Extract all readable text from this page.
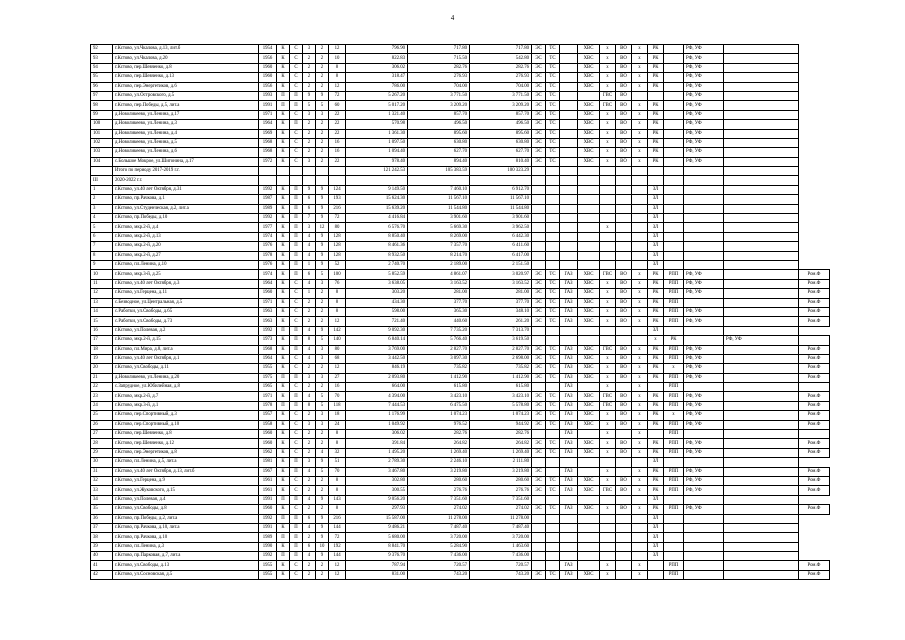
4
92	г.Кстово, ул.Чкалова, д.13, лит.б	1954	К	С	3	2	12	796.90	717.80	717.80	ЭС	ТС		ХВС	х	ВО	х	РК		РФ, УФ		
93	г.Кстово, ул.Чкалова, д.20	1956	К	С	2	2	10	822.83	715.50	542.80	ЭС	ТС		ХВС	х	ВО	х	РК		РФ, УФ		
94	г.Кстово, пер.Шевченко, д.8	1960	К	С	2	2	8	306.02	282.76	282.76	ЭС	ТС		ХВС	х	ВО	х	РК		РФ, УФ		
95	г.Кстово, пер.Шевченко, д.13	1960	К	С	2	2	8	318.47	276.93	276.93	ЭС	ТС		ХВС	х	ВО	х	РК		РФ, УФ		
96	г.Кстово, пер.Энергетиков, д.6	1956	К	С	2	2	12	786.00	704.00	704.00	ЭС	ТС		ХВС	х	ВО	х	РК		РФ, УФ		
97	г.Кстово, ул.Островского, д.5	1993	П	П	9	9	72	5 267.20	3 771.50	3 771.50	ЭС	ТС			ГВС	ВО				РФ, УФ		
98	г.Кстово, пер.Победы, д.5, лит.а	1991	П	П	5	5	60	5 017.20	3 209.20	3 209.20	ЭС	ТС		ХВС	ГВС	ВО	х	РК		РФ, УФ		
99	д.Новоликеево, ул.Ленина, д.17	1971	К	С	3	3	22	1 321.40	857.70	857.70	ЭС	ТС		ХВС	х	ВО	х	РК		РФ, УФ		
100	д.Новоликеево, ул.Ленина, д.3	1964	К	П	2	2	22	570.98	496.50	496.50	ЭС	ТС		ХВС	х	ВО	х	РК		РФ, УФ		
101	д.Новоликеево, ул.Ленина, д.4	1969	К	С	2	2	22	1 361.30	895.60	895.60	ЭС	ТС		ХВС	х	ВО	х	РК		РФ, УФ		
102	д.Новоликеево, ул.Ленина, д.5	1968	К	С	2	2	16	1 097.50	630.80	630.80	ЭС	ТС		ХВС	х	ВО	х	РК		РФ, УФ		
103	д.Новоликеево, ул.Ленина, д.6	1968	К	С	2	2	16	1 094.40	627.70	627.70	ЭС	ТС		ХВС	х	ВО	х	РК		РФ, УФ		
104	с.Большое Мокрое, ул.Шигонина, д.17	1972	К	С	3	2	22	978.40	894.40	810.40	ЭС	ТС		ХВС	х	ВО	х	РК		РФ, УФ		
	Итого по периоду 2017-2019 г.г.							121 242.53	105 383.59	100 323.29												
III	2020-2022 г.г.																					
1	г.Кстово, ул.40 лет Октября, д.31	1992	К	П	9	9	124	9 149.50	7 460.10	6 912.70								ЗЛ				
2	г.Кстово, пр.Рачкова, д.1	1987	К	П	6	9	193	15 624.30	11 567.10	11 567.10								ЗЛ				
3	г.Кстово, ул.Студенческая, д.2, лит.а	1989	К	П	6	9	216	15 639.20	11 544.80	11 544.80								ЗЛ				
4	г.Кстово, пр.Победы, д.10	1992	К	П	7	9	72	4 416.84	3 901.60	3 901.60								ЗЛ				
5	г.Кстово, мкр.2-й, д.4	1977	К	П	3	12	80	6 576.70	5 669.30	3 962.50					х			ЗЛ				
6	г.Кстово, мкр.2-й, д.13	1974	К	П	4	9	128	8 850.40	8 269.00	6 442.30								ЗЛ				
7	г.Кстово, мкр.2-й, д.20	1976	К	П	4	9	128	8 461.36	7 357.70	6 411.60								ЗЛ				
8	г.Кстово, мкр.2-й, д.27	1978	К	П	4	9	128	8 932.50	8 214.70	6 417.00								ЗЛ				
9	г.Кстово, пл.Ленина, д.10	1976	К	П	1	9	52	2 740.70	2 189.00	2 151.50								ЗЛ				
10	г.Кстово, мкр.3-й, д.25	1974	К	П	6	5	100	5 852.59	4 861.07	3 020.97	ЭС	ТС	ГАЗ	ХВС	ГВС	ВО	х	РК	РПП	РФ, УФ		Ром.Ф
11	г.Кстово, ул.40 лет Октября, д.3	1964	К	С	4	3	76	3 638.05	3 163.52	3 163.52	ЭС	ТС	ГАЗ	ХВС	х	ВО	х	РК	РПП	РФ, УФ		Ром.Ф
12	г.Кстово, ул.Герцена, д.11	1960	К	С	1	2	8	303.20	281.00	281.00	ЭС	ТС	ГАЗ	ХВС	х	ВО	х	РК	РПП	РФ, УФ		Ром.Ф
13	с.Безводное, ул.Центральная, д.5	1971	К	С	2	2	8	434.30	377.70	377.70	ЭС	ТС	ГАЗ	ХВС	х	ВО	х	РК	РПП			Ром.Ф
14	с.Работки, ул.Свободы, д.65	1963	К	С	2	2	8	598.00	365.30	348.10	ЭС	ТС	ГАЗ	ХВС	х	ВО	х	РК	РПП	РФ, УФ		Ром.Ф
15	с.Работки, ул.Свободы, д.73	1963	К	С	2	2	12	721.40	440.60	261.20	ЭС	ТС	ГАЗ	ХВС	х	ВО	х	РК	РПП	РФ, УФ		Ром.Ф
16	г.Кстово, ул.Полевая, д.2	1992	П	П	4	9	142	9 092.30	7 735.20	7 313.70								ЗЛ				
17	г.Кстово, мкр.2-й, д.15	1973	К	П	8	5	140	6 840.14	5 766.40	3 619.50								х	РК		РФ, УФ	
18	г.Кстово, пл.Мира, д.8, лит.а	1968	К	П	4	3	80	3 769.00	2 827.70	2 827.70	ЭС	ТС	ГАЗ	ХВС	ГВС	ВО	х	РК	РПП	РФ, УФ		Ром.Ф
19	г.Кстово, ул.40 лет Октября, д.1	1964	К	С	4	3	68	3 442.50	3 097.30	2 698.00	ЭС	ТС	ГАЗ	ХВС	х	ВО	х	РК	РПП	РФ, УФ		Ром.Ф
20	г.Кстово, ул.Свободы, д.11	1955	К	С	2	2	12	846.19	735.82	735.82	ЭС	ТС	ГАЗ	ХВС	х	ВО	х	РК	х	РФ, УФ		Ром.Ф
21	д.Новоликеево, ул.Ленина, д.20	1975	П	П	3	3	27	2 093.80	1 412.90	1 412.90	ЭС	ТС	ГАЗ	ХВС	х	ВО	х	РК	РПП	РФ, УФ		Ром.Ф
22	с.Запрудное, ул.Юбилейная, д.8	1965	К	С	2	2	16	664.00	615.80	615.80			ГАЗ		х		х		РПП			
23	г.Кстово, мкр.2-й, д.7	1971	К	П	4	5	70	4 394.00	3 423.10	3 423.10	ЭС	ТС	ГАЗ	ХВС	ГВС	ВО	х	РК	РПП	РФ, УФ		Ром.Ф
24	г.Кстово, мкр.3-й, д.1	1978	П	П	8	5	118	7 444.53	6 475.50	5 578.80	ЭС	ТС	ГАЗ	ХВС	ГВС	ВО	х	РК	РПП	РФ, УФ		Ром.Ф
25	г.Кстово, пер.Спортивный, д.3	1957	К	С	2	3	18	1 176.99	1 074.23	1 074.23	ЭС	ТС	ГАЗ	ХВС	х	ВО	х	РК	х	РФ, УФ		Ром.Ф
26	г.Кстово, пер.Спортивный, д.10	1958	К	С	3	3	24	1 049.92	976.52	944.92	ЭС	ТС	ГАЗ	ХВС	х	ВО	х	РК	РПП	РФ, УФ		Ром.Ф
27	г.Кстово, пер.Шевченко, д.8	1960	К	С	2	2	8	306.02	282.76	282.76			ГАЗ		х		х		РПП			
28	г.Кстово, пер.Шевченко, д.12	1960	К	С	2	2	8	391.84	264.82	264.82	ЭС	ТС	ГАЗ	ХВС	х	ВО	х	РК	РПП	РФ, УФ		Ром.Ф
29	г.Кстово, пер.Энергетиков, д.8	1962	К	С	2	4	32	1 495.20	1 269.40	1 269.40	ЭС	ТС	ГАЗ	ХВС	х	ВО	х	РК	РПП	РФ, УФ		Ром.Ф
30	г.Кстово, пл.Ленина, д.5, лит.а	1981	К	П	3	9	51	2 789.30	2 246.10	2 111.80								ЗЛ				
31	г.Кстово, ул.40 лет Октября, д.13, лит.б	1967	К	П	4	5	70	3 467.80	3 219.80	3 219.80	ЭС		ГАЗ		х		х	РК	РПП	РФ, УФ		Ром.Ф
32	г.Кстово, ул.Герцена, д.9	1961	К	С	2	2	8	302.80	280.60	280.60	ЭС	ТС	ГАЗ	ХВС	х	ВО	х	РК	РПП	РФ, УФ		Ром.Ф
33	г.Кстово, ул.Жуковского, д.15	1961	К	С	2	2	8	300.55	276.76	276.76	ЭС	ТС	ГАЗ	ХВС	ГВС	ВО	х	РК	РПП	РФ, УФ		Ром.Ф
34	г.Кстово, ул.Полевая, д.4	1991	П	П	4	9	143	9 056.20	7 351.60	7 351.60								ЗЛ				
35	г.Кстово, ул.Свободы, д.8	1960	К	С	2	2	8	297.93	274.02	274.02	ЭС	ТС	ГАЗ	ХВС	х	ВО	х	РК	РПП	РФ, УФ		Ром.Ф
36	г.Кстово, пр.Победы, д.2, лит.а	1992	П	П	6	9	216	15 587.00	11 278.00	11 278.00								ЗЛ				
37	г.Кстово, пр.Рачкова, д.10, лит.а	1991	К	П	4	9	144	9 486.21	7 487.40	7 487.40								ЗЛ				
38	г.Кстово, пр.Рачкова, д.10	1989	П	П	2	9	72	5 680.00	3 720.00	3 720.00								ЗЛ				
39	г.Кстово, пл.Ленина, д.3	1990	К	П	6	10	192	8 841.70	5 284.90	1 463.60								ЗЛ				
40	г.Кстово, пр.Парковая, д.7, лит.а	1992	П	П	4	9	144	9 376.70	7 436.00	7 436.00								ЗЛ				
41	г.Кстово, ул.Свободы, д.13	1955	К	С	2	2	12	787.94	720.57	720.57			ГАЗ		х		х		РПП			Ром.Ф
42	г.Кстово, ул.Сосновская, д.5	1955	К	С	2	2	12	831.00	743.20	743.20	ЭС	ТС	ГАЗ	ХВС	х		х		РПП			Ром.Ф
